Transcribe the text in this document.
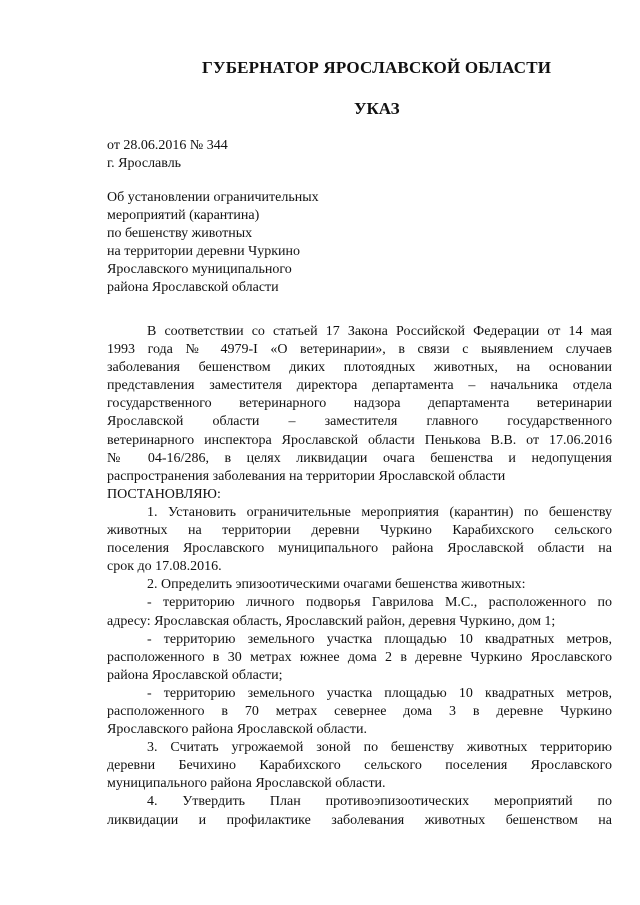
ГУБЕРНАТОР ЯРОСЛАВСКОЙ ОБЛАСТИ
УКАЗ
от 28.06.2016 № 344
г. Ярославль
Об установлении ограничительных
мероприятий (карантина)
по бешенству животных
на территории деревни Чуркино
Ярославского муниципального
района Ярославской области
В соответствии со статьей 17 Закона Российской Федерации от 14 мая
1993 года № 4979-I «О ветеринарии», в связи с выявлением случаев
заболевания бешенством диких плотоядных животных, на основании
представления заместителя директора департамента – начальника отдела
государственного ветеринарного надзора департамента ветеринарии
Ярославской области – заместителя главного государственного
ветеринарного инспектора Ярославской области Пенькова В.В. от 17.06.2016
№ 04-16/286, в целях ликвидации очага бешенства и недопущения
распространения заболевания на территории Ярославской области
ПОСТАНОВЛЯЮ:
1. Установить ограничительные мероприятия (карантин) по бешенству
животных на территории деревни Чуркино Карабихского сельского
поселения Ярославского муниципального района Ярославской области на
срок до 17.08.2016.
2. Определить эпизоотическими очагами бешенства животных:
- территорию личного подворья Гаврилова М.С., расположенного по
адресу: Ярославская область, Ярославский район, деревня Чуркино, дом 1;
- территорию земельного участка площадью 10 квадратных метров,
расположенного в 30 метрах южнее дома 2 в деревне Чуркино Ярославского
района Ярославской области;
- территорию земельного участка площадью 10 квадратных метров,
расположенного в 70 метрах севернее дома 3 в деревне Чуркино
Ярославского района Ярославской области.
3. Считать угрожаемой зоной по бешенству животных территорию
деревни Бечихино Карабихского сельского поселения Ярославского
муниципального района Ярославской области.
4. Утвердить План противоэпизоотических мероприятий по
ликвидации и профилактике заболевания животных бешенством на
